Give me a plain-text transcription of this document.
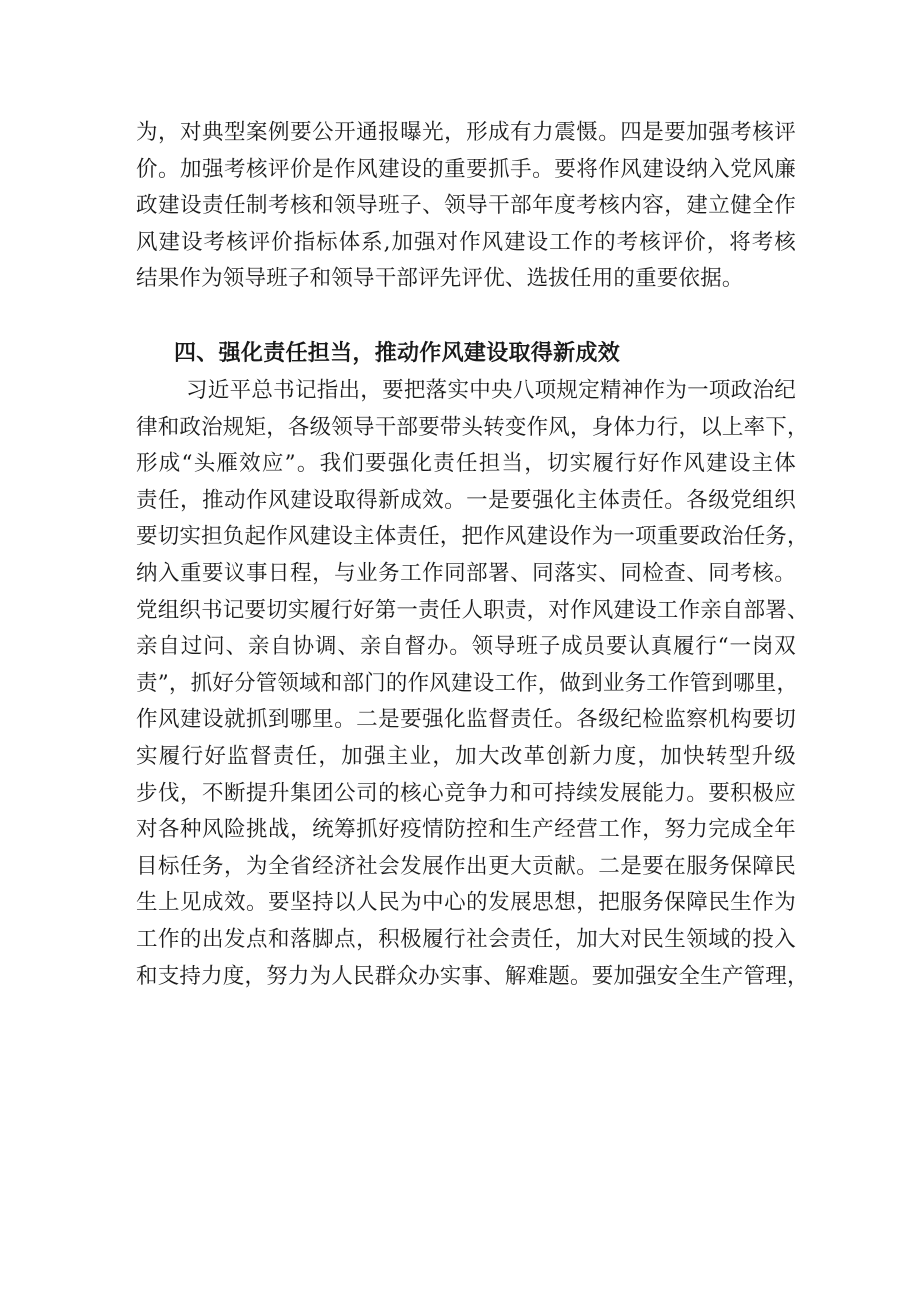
为，对典型案例要公开通报曝光，形成有力震慑。四是要加强考核评
价。加强考核评价是作风建设的重要抓手。要将作风建设纳入党风廉
政建设责任制考核和领导班子、领导干部年度考核内容，建立健全作
风建设考核评价指标体系,加强对作风建设工作的考核评价，将考核
结果作为领导班子和领导干部评先评优、选拔任用的重要依据。
四、强化责任担当，推动作风建设取得新成效
习近平总书记指出，要把落实中央八项规定精神作为一项政治纪
律和政治规矩，各级领导干部要带头转变作风，身体力行，以上率下，
形成“头雁效应”。我们要强化责任担当，切实履行好作风建设主体
责任，推动作风建设取得新成效。一是要强化主体责任。各级党组织
要切实担负起作风建设主体责任，把作风建设作为一项重要政治任务，
纳入重要议事日程，与业务工作同部署、同落实、同检查、同考核。
党组织书记要切实履行好第一责任人职责，对作风建设工作亲自部署、
亲自过问、亲自协调、亲自督办。领导班子成员要认真履行“一岗双
责”，抓好分管领域和部门的作风建设工作，做到业务工作管到哪里，
作风建设就抓到哪里。二是要强化监督责任。各级纪检监察机构要切
实履行好监督责任，加强主业，加大改革创新力度，加快转型升级
步伐，不断提升集团公司的核心竞争力和可持续发展能力。要积极应
对各种风险挑战，统筹抓好疫情防控和生产经营工作，努力完成全年
目标任务，为全省经济社会发展作出更大贡献。二是要在服务保障民
生上见成效。要坚持以人民为中心的发展思想，把服务保障民生作为
工作的出发点和落脚点，积极履行社会责任，加大对民生领域的投入
和支持力度，努力为人民群众办实事、解难题。要加强安全生产管理，
